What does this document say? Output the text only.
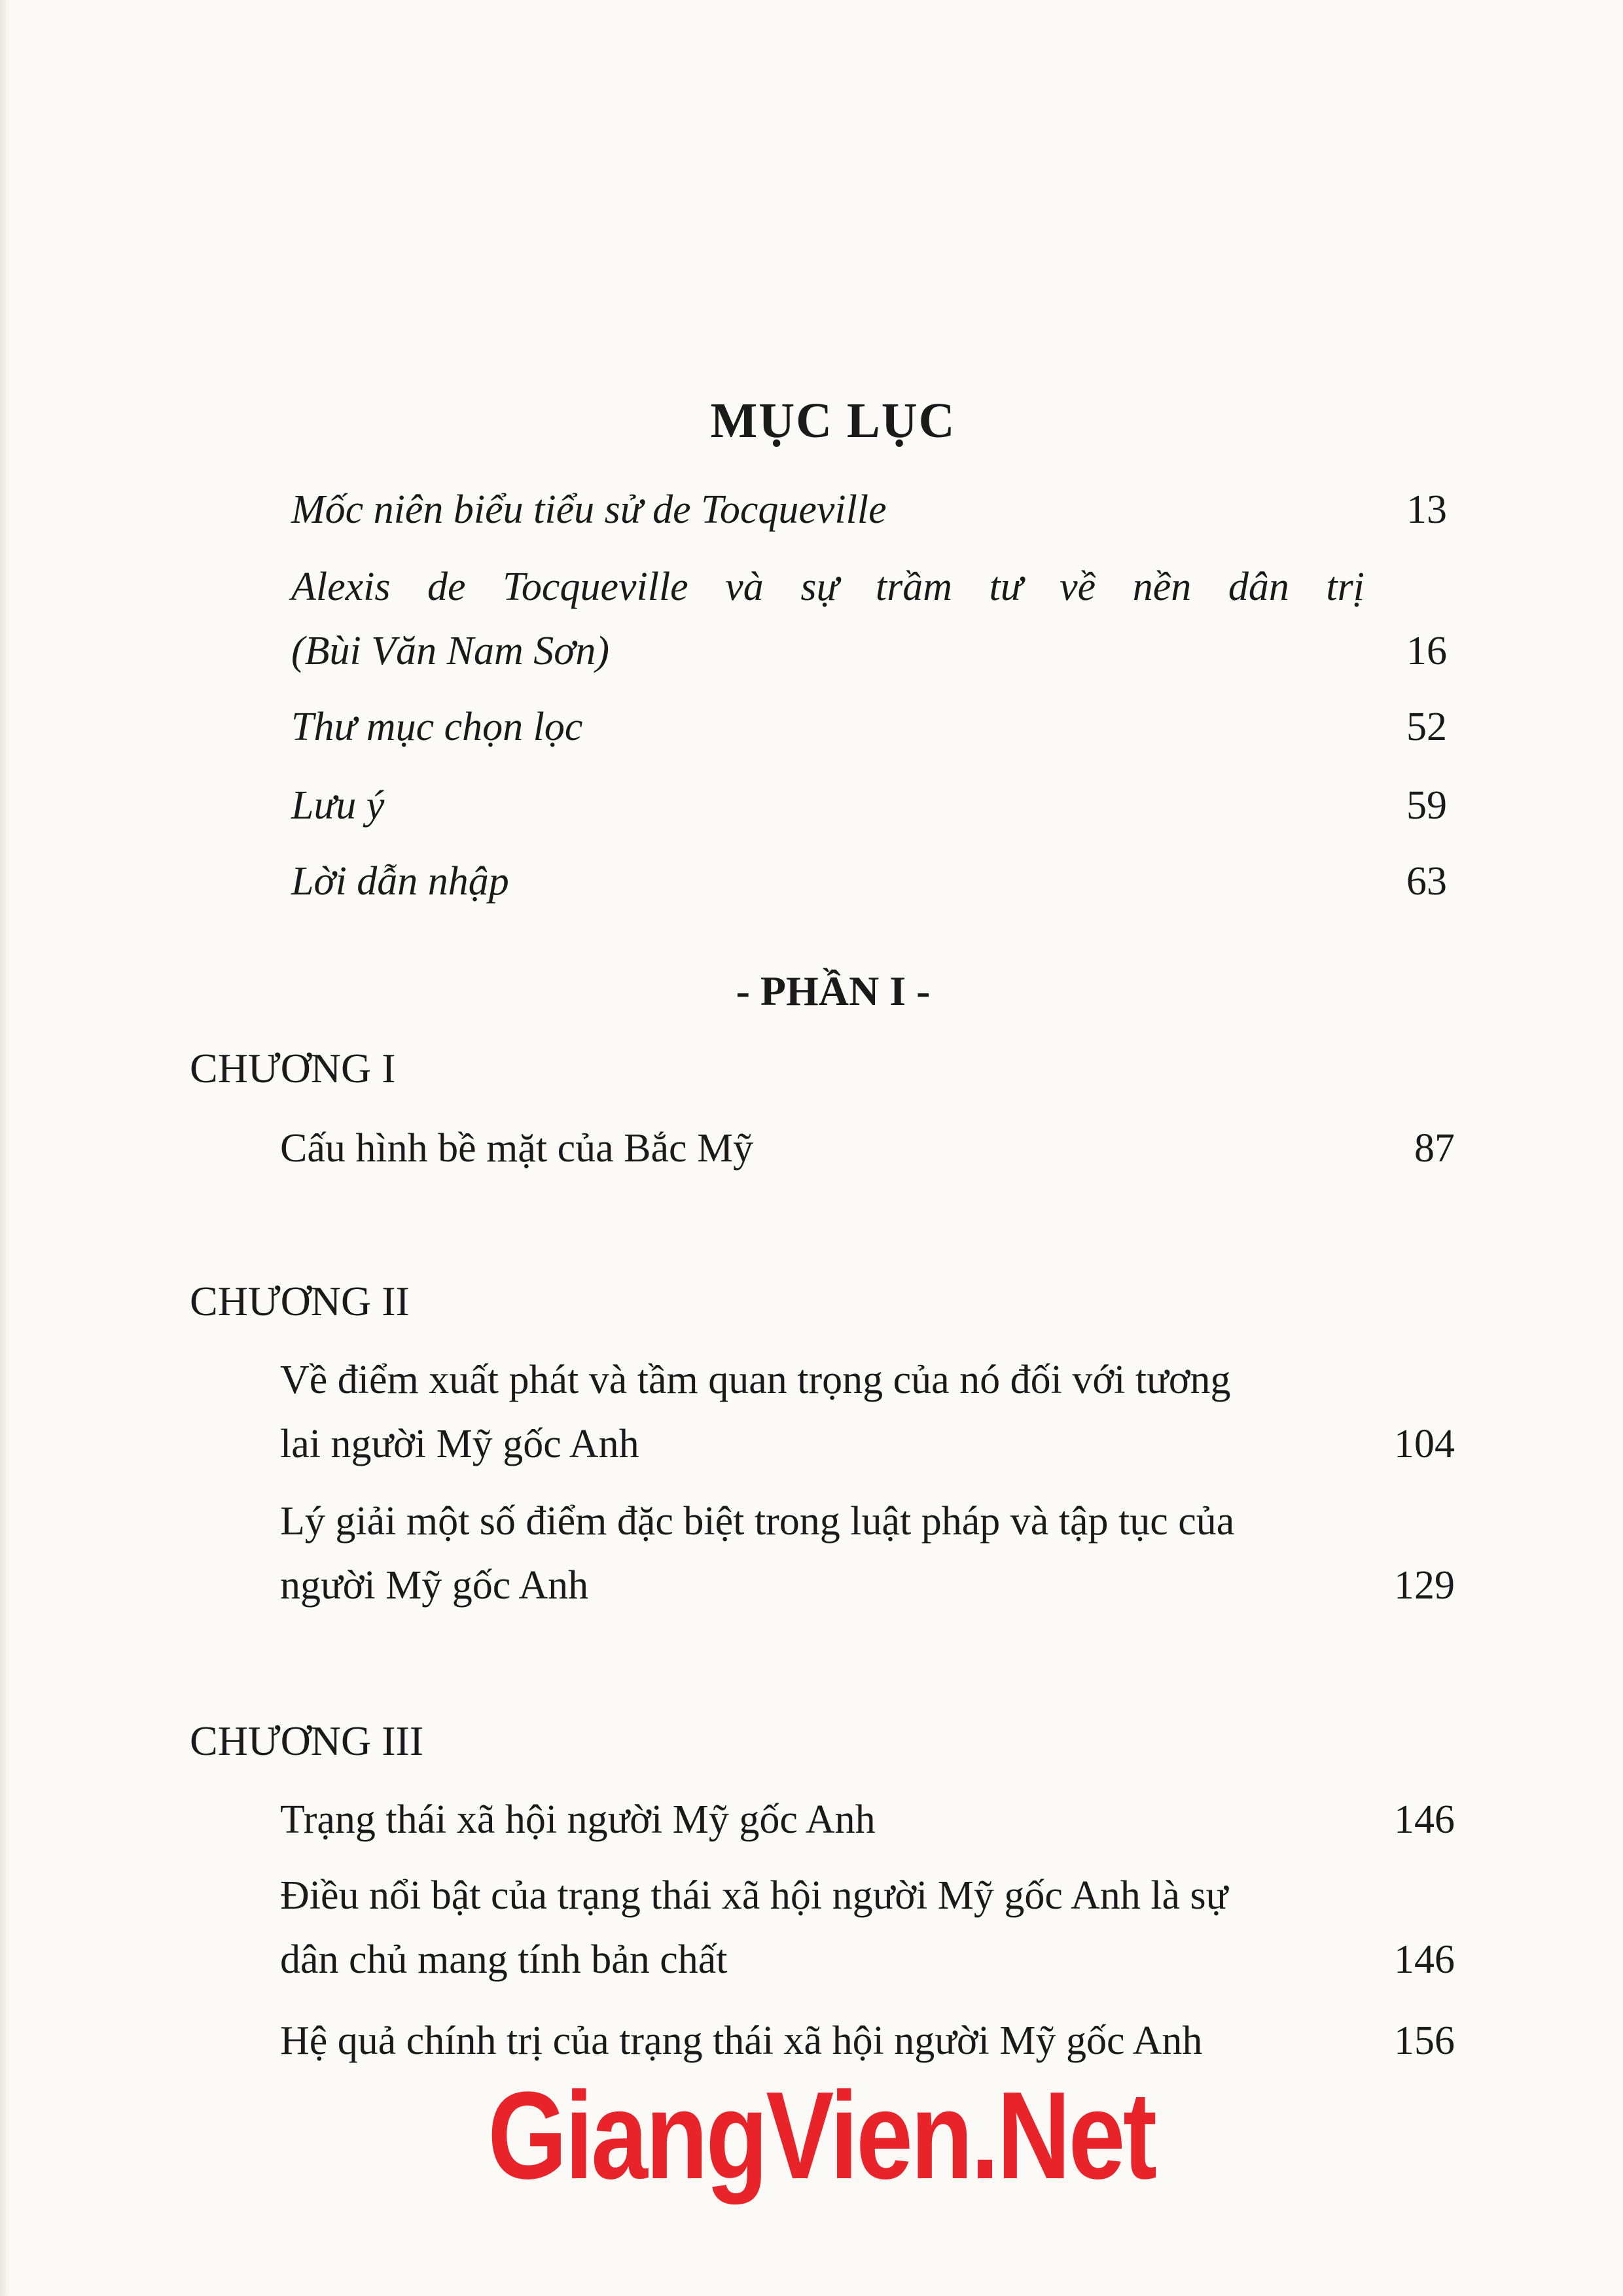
MỤC LỤC
Mốc niên biểu tiểu sử de Tocqueville	13
Alexis de Tocqueville và sự trầm tư về nền dân trị
(Bùi Văn Nam Sơn)	16
Thư mục chọn lọc	52
Lưu ý	59
Lời dẫn nhập	63
- PHẦN I -
CHƯƠNG I
Cấu hình bề mặt của Bắc Mỹ	87
CHƯƠNG II
Về điểm xuất phát và tầm quan trọng của nó đối với tương
lai người Mỹ gốc Anh	104
Lý giải một số điểm đặc biệt trong luật pháp và tập tục của
người Mỹ gốc Anh	129
CHƯƠNG III
Trạng thái xã hội người Mỹ gốc Anh	146
Điều nổi bật của trạng thái xã hội người Mỹ gốc Anh là sự
dân chủ mang tính bản chất	146
Hệ quả chính trị của trạng thái xã hội người Mỹ gốc Anh	156
GiangVien.Net
